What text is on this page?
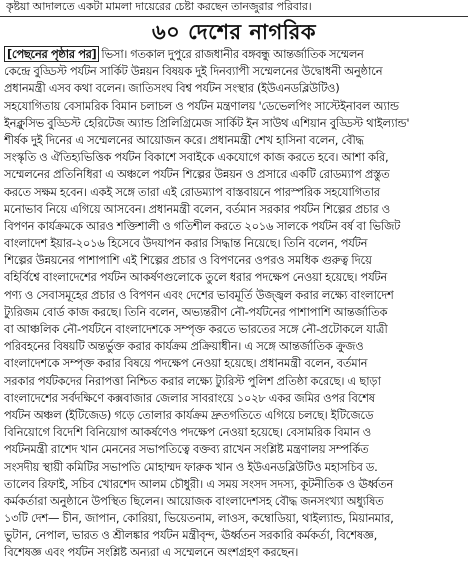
কৃষ্টয়া আদালতে একটা মামলা দায়েরের চেষ্টা করছেন তানজুরার পরিবার।
৬০ দেশের নাগরিক
[পেছনের পৃষ্ঠার পর] ভিসা। গতকাল দুপুরে রাজধানীর বঙ্গবন্ধু আন্তর্জাতিক সম্মেলন
কেন্দ্রে বুড্ডিস্ট পর্যটন সার্কিট উন্নয়ন বিষয়ক দুই দিনব্যাপী সম্মেলনের উদ্বোধনী অনুষ্ঠানে
প্রধানমন্ত্রী এসব কথা বলেন। জাতিসংঘ বিশ্ব পর্যটন সংস্থার (ইউএনডব্লিউটিও)
সহযোগিতায় বেসামরিক বিমান চলাচল ও পর্যটন মন্ত্রণালয় 'ডেভেলপিং সাস্টেইনাবল অ্যান্ড
ইনক্লুসিভ বুড্ডিস্ট হেরিটেজ অ্যান্ড প্রিলিগ্রিমেজ সার্কিট ইন সাউথ এশিয়ান বুড্ডিস্ট থাইল্যান্ড'
শীর্ষক দুই দিনের এ সম্মেলনের আয়োজন করে। প্রধানমন্ত্রী শেখ হাসিনা বলেন, বৌদ্ধ
সংস্কৃতি ও ঐতিহ্যভিত্তিক পর্যটন বিকাশে সবাইকে একযোগে কাজ করতে হবে। আশা করি,
সম্মেলনের প্রতিনিধিরা এ অঞ্চলে পর্যটন শিল্পের উন্নয়ন ও প্রসারে একটি রোডম্যাপ প্রস্তুত
করতে সক্ষম হবেন। একই সঙ্গে তারা এই রোডম্যাপ বাস্তবায়নে পারস্পরিক সহযোগিতার
মনোভাব নিয়ে এগিয়ে আসবেন। প্রধানমন্ত্রী বলেন, বর্তমান সরকার পর্যটন শিল্পের প্রচার ও
বিপণন কার্যক্রমকে আরও শক্তিশালী ও গতিশীল করতে ২০১৬ সালকে পর্যটন বর্ষ বা ভিজিট
বাংলাদেশ ইয়ার-২০১৬ হিসেবে উদযাপন করার সিদ্ধান্ত নিয়েছে। তিনি বলেন, পর্যটন
শিল্পের উন্নয়নের পাশাপাশি এই শিল্পের প্রচার ও বিপণনের ওপরও সমধিক গুরুত্ব দিয়ে
বহির্বিশ্বে বাংলাদেশের পর্যটন আকর্ষণগুলোকে তুলে ধরার পদক্ষেপ নেওয়া হয়েছে। পর্যটন
পণ্য ও সেবাসমূহের প্রচার ও বিপণন এবং দেশের ভাবমূর্তি উজ্জ্বল করার লক্ষ্যে বাংলাদেশ
ট্যুরিজম বোর্ড কাজ করছে। তিনি বলেন, অভ্যন্তরীণ নৌ-পর্যটনের পাশাপাশি আন্তর্জাতিক
বা আঞ্চলিক নৌ-পর্যটনে বাংলাদেশকে সম্পৃক্ত করতে ভারতের সঙ্গে নৌ-প্রটোকলে যাত্রী
পরিবহনের বিষয়টি অন্তর্ভুক্ত করার কার্যক্রম প্রক্রিয়াধীন। এ সঙ্গে আন্তর্জাতিক ক্রুজও
বাংলাদেশকে সম্পৃক্ত করার বিষয়ে পদক্ষেপ নেওয়া হয়েছে। প্রধানমন্ত্রী বলেন, বর্তমান
সরকার পর্যটকদের নিরাপত্তা নিশ্চিত করার লক্ষ্যে ট্যুরিস্ট পুলিশ প্রতিষ্ঠা করেছে। এ ছাড়া
বাংলাদেশের সর্বদক্ষিণে কক্সবাজার জেলার সাবরাংয়ে ১০২৮ একর জমির ওপর বিশেষ
পর্যটন অঞ্চল (ইটিজেড) গড়ে তোলার কার্যক্রম দ্রুতগতিতে এগিয়ে চলছে। ইটিজেডে
বিনিয়োগে বিদেশি বিনিয়োগ আকর্ষণেও পদক্ষেপ নেওয়া হয়েছে। বেসামরিক বিমান ও
পর্যটনমন্ত্রী রাশেদ খান মেননের সভাপতিত্বে বক্তব্য রাখেন সংশ্লিষ্ট মন্ত্রণালয় সম্পর্কিত
সংসদীয় স্থায়ী কমিটির সভাপতি মোহাম্মদ ফারুক খান ও ইউএনডব্লিউটিও মহাসচিব ড.
তালেব রিফাই, সচিব খোরশেদ আলম চৌধুরী। এ সময় সংসদ সদস্য, কূটনীতিক ও ঊর্ধ্বতন
কর্মকর্তারা অনুষ্ঠানে উপস্থিত ছিলেন। আয়োজক বাংলাদেশসহ বৌদ্ধ জনসংখ্যা অধ্যুষিত
১৩টি দেশ— চীন, জাপান, কোরিয়া, ভিয়েতনাম, লাওস, কম্বোডিয়া, থাইল্যান্ড, মিয়ানমার,
ভুটান, নেপাল, ভারত ও শ্রীলঙ্কার পর্যটন মন্ত্রীবৃন্দ, ঊর্ধ্বতন সরকারি কর্মকর্তা, বিশেষজ্ঞ,
বিশেষজ্ঞ এবং পর্যটন সংশ্লিষ্ট অন্যরা এ সম্মেলনে অংশগ্রহণ করছেন।
